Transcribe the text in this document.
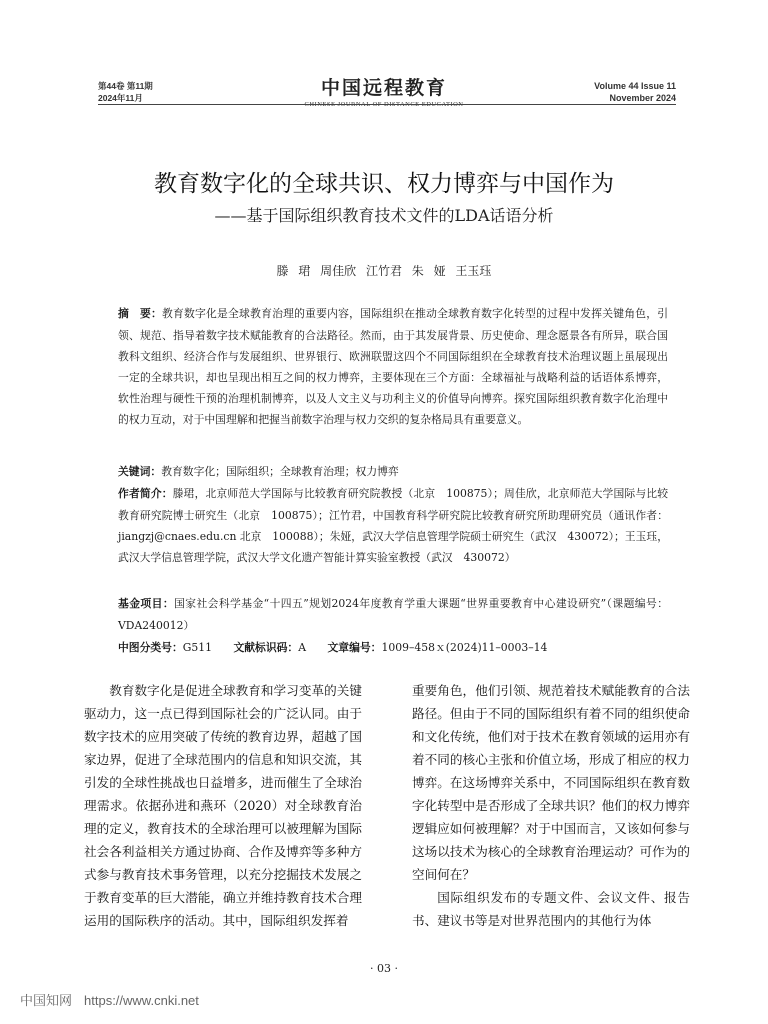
第44卷 第11期
2024年11月	中国远程教育
CHINESE JOURNAL OF DISTANCE EDUCATION
Volume 44 Issue 11
November 2024
教育数字化的全球共识、权力博弈与中国作为
——基于国际组织教育技术文件的LDA话语分析
滕 珺 周佳欣 江竹君 朱 娅 王玉珏
摘　要：教育数字化是全球教育治理的重要内容，国际组织在推动全球教育数字化转型的过程中发挥关键角色，引领、规范、指导着数字技术赋能教育的合法路径。然而，由于其发展背景、历史使命、理念愿景各有所异，联合国教科文组织、经济合作与发展组织、世界银行、欧洲联盟这四个不同国际组织在全球教育技术治理议题上虽展现出一定的全球共识，却也呈现出相互之间的权力博弈，主要体现在三个方面：全球福祉与战略利益的话语体系博弈，软性治理与硬性干预的治理机制博弈，以及人文主义与功利主义的价值导向博弈。探究国际组织教育数字化治理中的权力互动，对于中国理解和把握当前数字治理与权力交织的复杂格局具有重要意义。
关键词：教育数字化；国际组织；全球教育治理；权力博弈
作者简介：滕珺，北京师范大学国际与比较教育研究院教授（北京　100875）；周佳欣，北京师范大学国际与比较教育研究院博士研究生（北京　100875）；江竹君，中国教育科学研究院比较教育研究所助理研究员（通讯作者：jiangzj@cnaes.edu.cn 北京　100088）；朱娅，武汉大学信息管理学院硕士研究生（武汉　430072）；王玉珏，武汉大学信息管理学院，武汉大学文化遗产智能计算实验室教授（武汉　430072）
基金项目：国家社会科学基金“十四五”规划2024年度教育学重大课题“世界重要教育中心建设研究”（课题编号：VDA240012）
中图分类号：G511 文献标识码：A 文章编号：1009–458ｘ(2024)11–0003–14

教育数字化是促进全球教育和学习变革的关键驱动力，这一点已得到国际社会的广泛认同。由于数字技术的应用突破了传统的教育边界，超越了国家边界，促进了全球范围内的信息和知识交流，其引发的全球性挑战也日益增多，进而催生了全球治理需求。依据孙进和燕环（2020）对全球教育治理的定义，教育技术的全球治理可以被理解为国际社会各利益相关方通过协商、合作及博弈等多种方式参与教育技术事务管理，以充分挖掘技术发展之于教育变革的巨大潜能，确立并维持教育技术合理运用的国际秩序的活动。其中，国际组织发挥着

重要角色，他们引领、规范着技术赋能教育的合法路径。但由于不同的国际组织有着不同的组织使命和文化传统，他们对于技术在教育领域的运用亦有着不同的核心主张和价值立场，形成了相应的权力博弈。在这场博弈关系中，不同国际组织在教育数字化转型中是否形成了全球共识？他们的权力博弈逻辑应如何被理解？对于中国而言，又该如何参与这场以技术为核心的全球教育治理运动？可作为的空间何在？

国际组织发布的专题文件、会议文件、报告书、建议书等是对世界范围内的其他行为体

· 03 ·
中国知网 https://www.cnki.net
